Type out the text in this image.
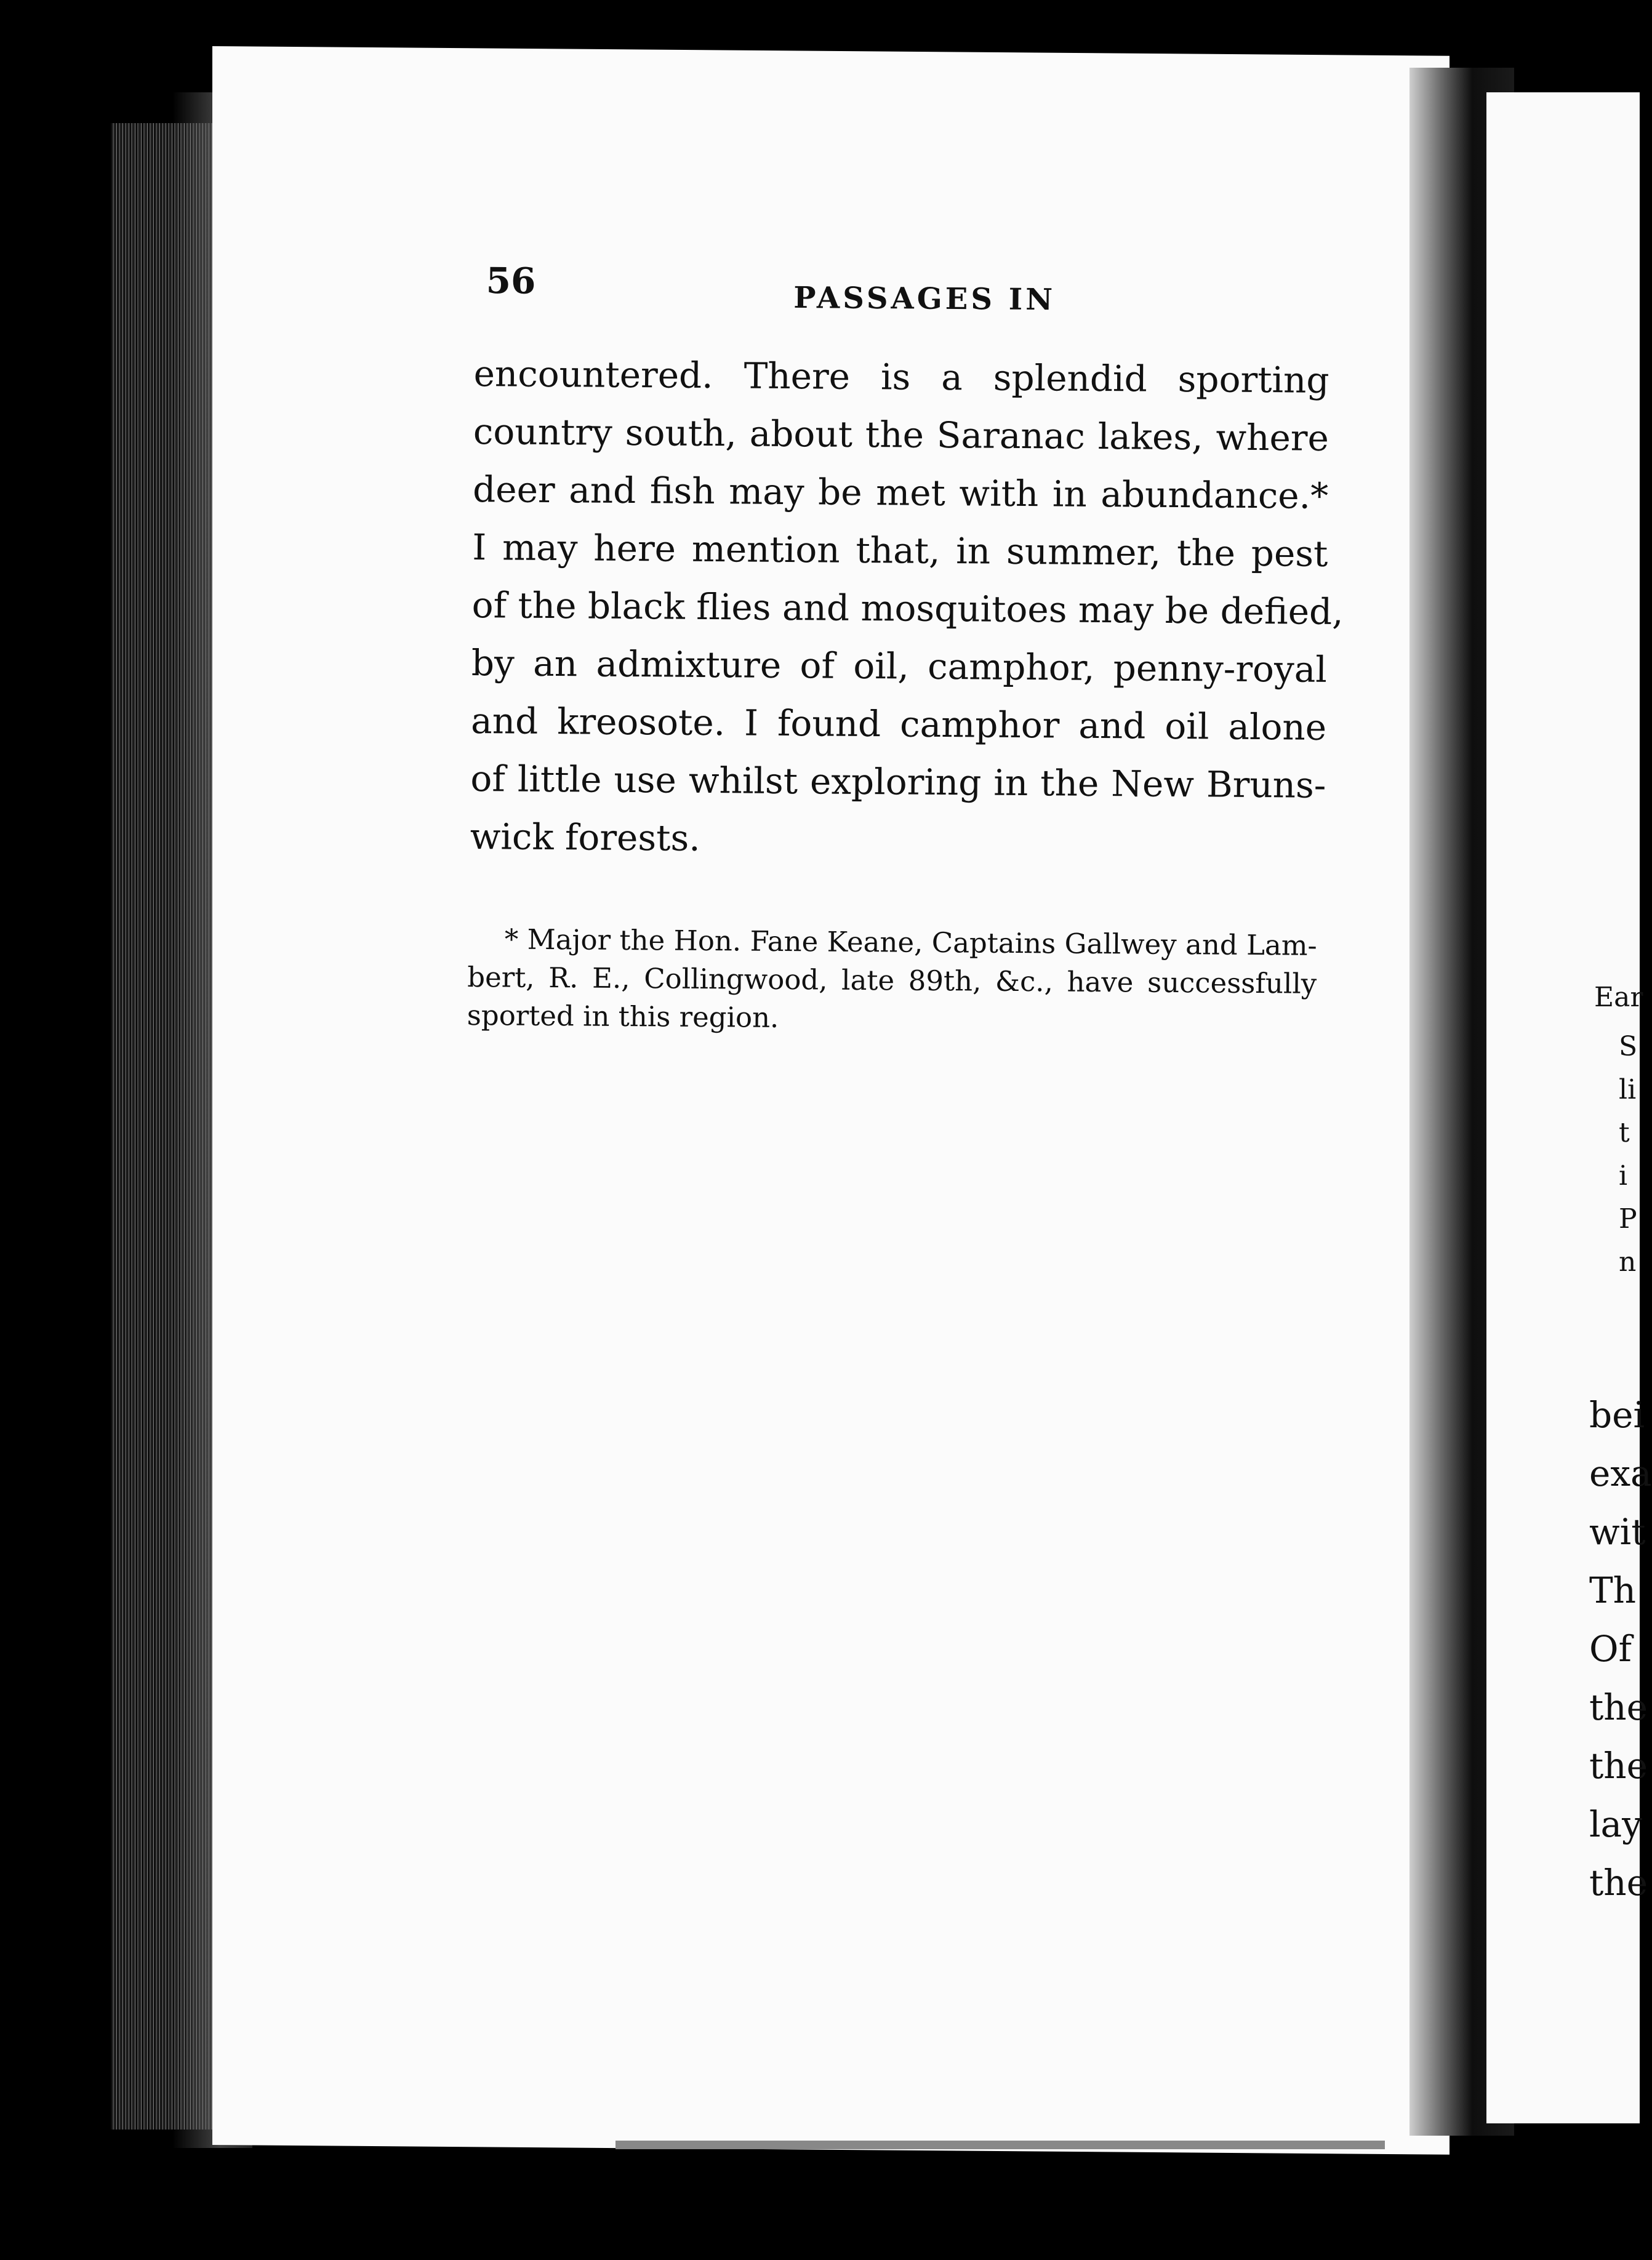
56	PASSAGES IN
encountered. There is a splendid sporting
country south, about the Saranac lakes, where
deer and fish may be met with in abundance.*
I may here mention that, in summer, the pest
of the black flies and mosquitoes may be defied,
by an admixture of oil, camphor, penny-royal
and kreosote. I found camphor and oil alone
of little use whilst exploring in the New Bruns-
wick forests.
* Major the Hon. Fane Keane, Captains Gallwey and Lam-
bert, R. E., Collingwood, late 89th, &c., have successfully
sported in this region.
Ear
S
li
t
i
P
n
bei
exa
wit
Th
Of
the
the
lay
the
